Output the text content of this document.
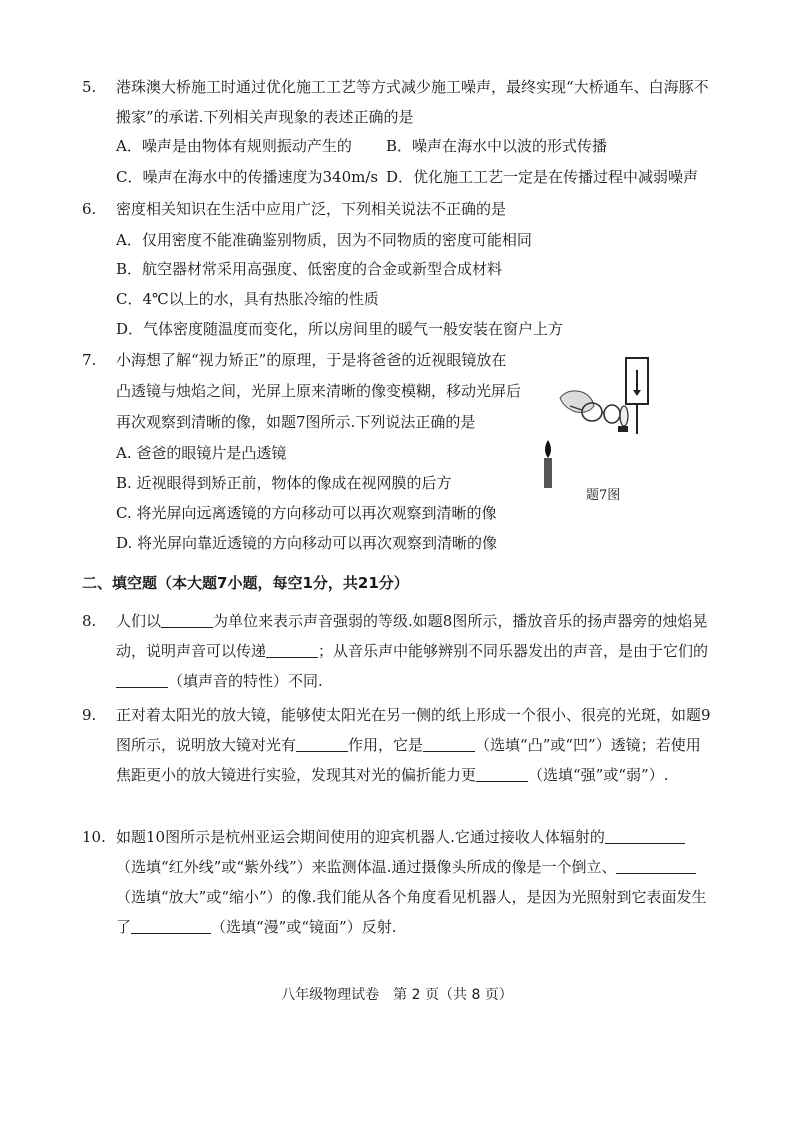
5.	港珠澳大桥施工时通过优化施工工艺等方式减少施工噪声，最终实现“大桥通车、白海豚不搬家”的承诺.下列相关声现象的表述正确的是
A．噪声是由物体有规则振动产生的 B．噪声在海水中以波的形式传播
C．噪声在海水中的传播速度为340m/s D．优化施工工艺一定是在传播过程中减弱噪声
6.	密度相关知识在生活中应用广泛，下列相关说法不正确的是
A．仅用密度不能准确鉴别物质，因为不同物质的密度可能相同
B．航空器材常采用高强度、低密度的合金或新型合成材料
C．4℃以上的水，具有热胀冷缩的性质
D．气体密度随温度而变化，所以房间里的暖气一般安装在窗户上方
7. 小海想了解“视力矫正”的原理，于是将爸爸的近视眼镜放在
凸透镜与烛焰之间，光屏上原来清晰的像变模糊，移动光屏后
再次观察到清晰的像，如题7图所示.下列说法正确的是
A. 爸爸的眼镜片是凸透镜
B. 近视眼得到矫正前，物体的像成在视网膜的后方
C. 将光屏向远离透镜的方向移动可以再次观察到清晰的像
D. 将光屏向靠近透镜的方向移动可以再次观察到清晰的像
题7图
二、填空题（本大题7小题，每空1分，共21分）
8.	人们以	为单位来表示声音强弱的等级.如题8图所示，播放音乐的扬声器旁的烛焰晃动，说明声音可以传递	；从音乐声中能够辨别不同乐器发出的声音，是由于它们的（填声音的特性）不同.
9.	正对着太阳光的放大镜，能够使太阳光在另一侧的纸上形成一个很小、很亮的光斑，如题9图所示，说明放大镜对光有	作用，它是	（选填“凸”或“凹”）透镜；若使用焦距更小的放大镜进行实验，发现其对光的偏折能力更	（选填“强”或“弱”）.
10. 如题10图所示是杭州亚运会期间使用的迎宾机器人.它通过接收人体辐射的（选填“红外线”或“紫外线”）来监测体温.通过摄像头所成的像是一个倒立、（选填“放大”或“缩小”）的像.我们能从各个角度看见机器人，是因为光照射到它表面发生了	（选填“漫”或“镜面”）反射.
八年级物理试卷　第 2 页（共 8 页）
